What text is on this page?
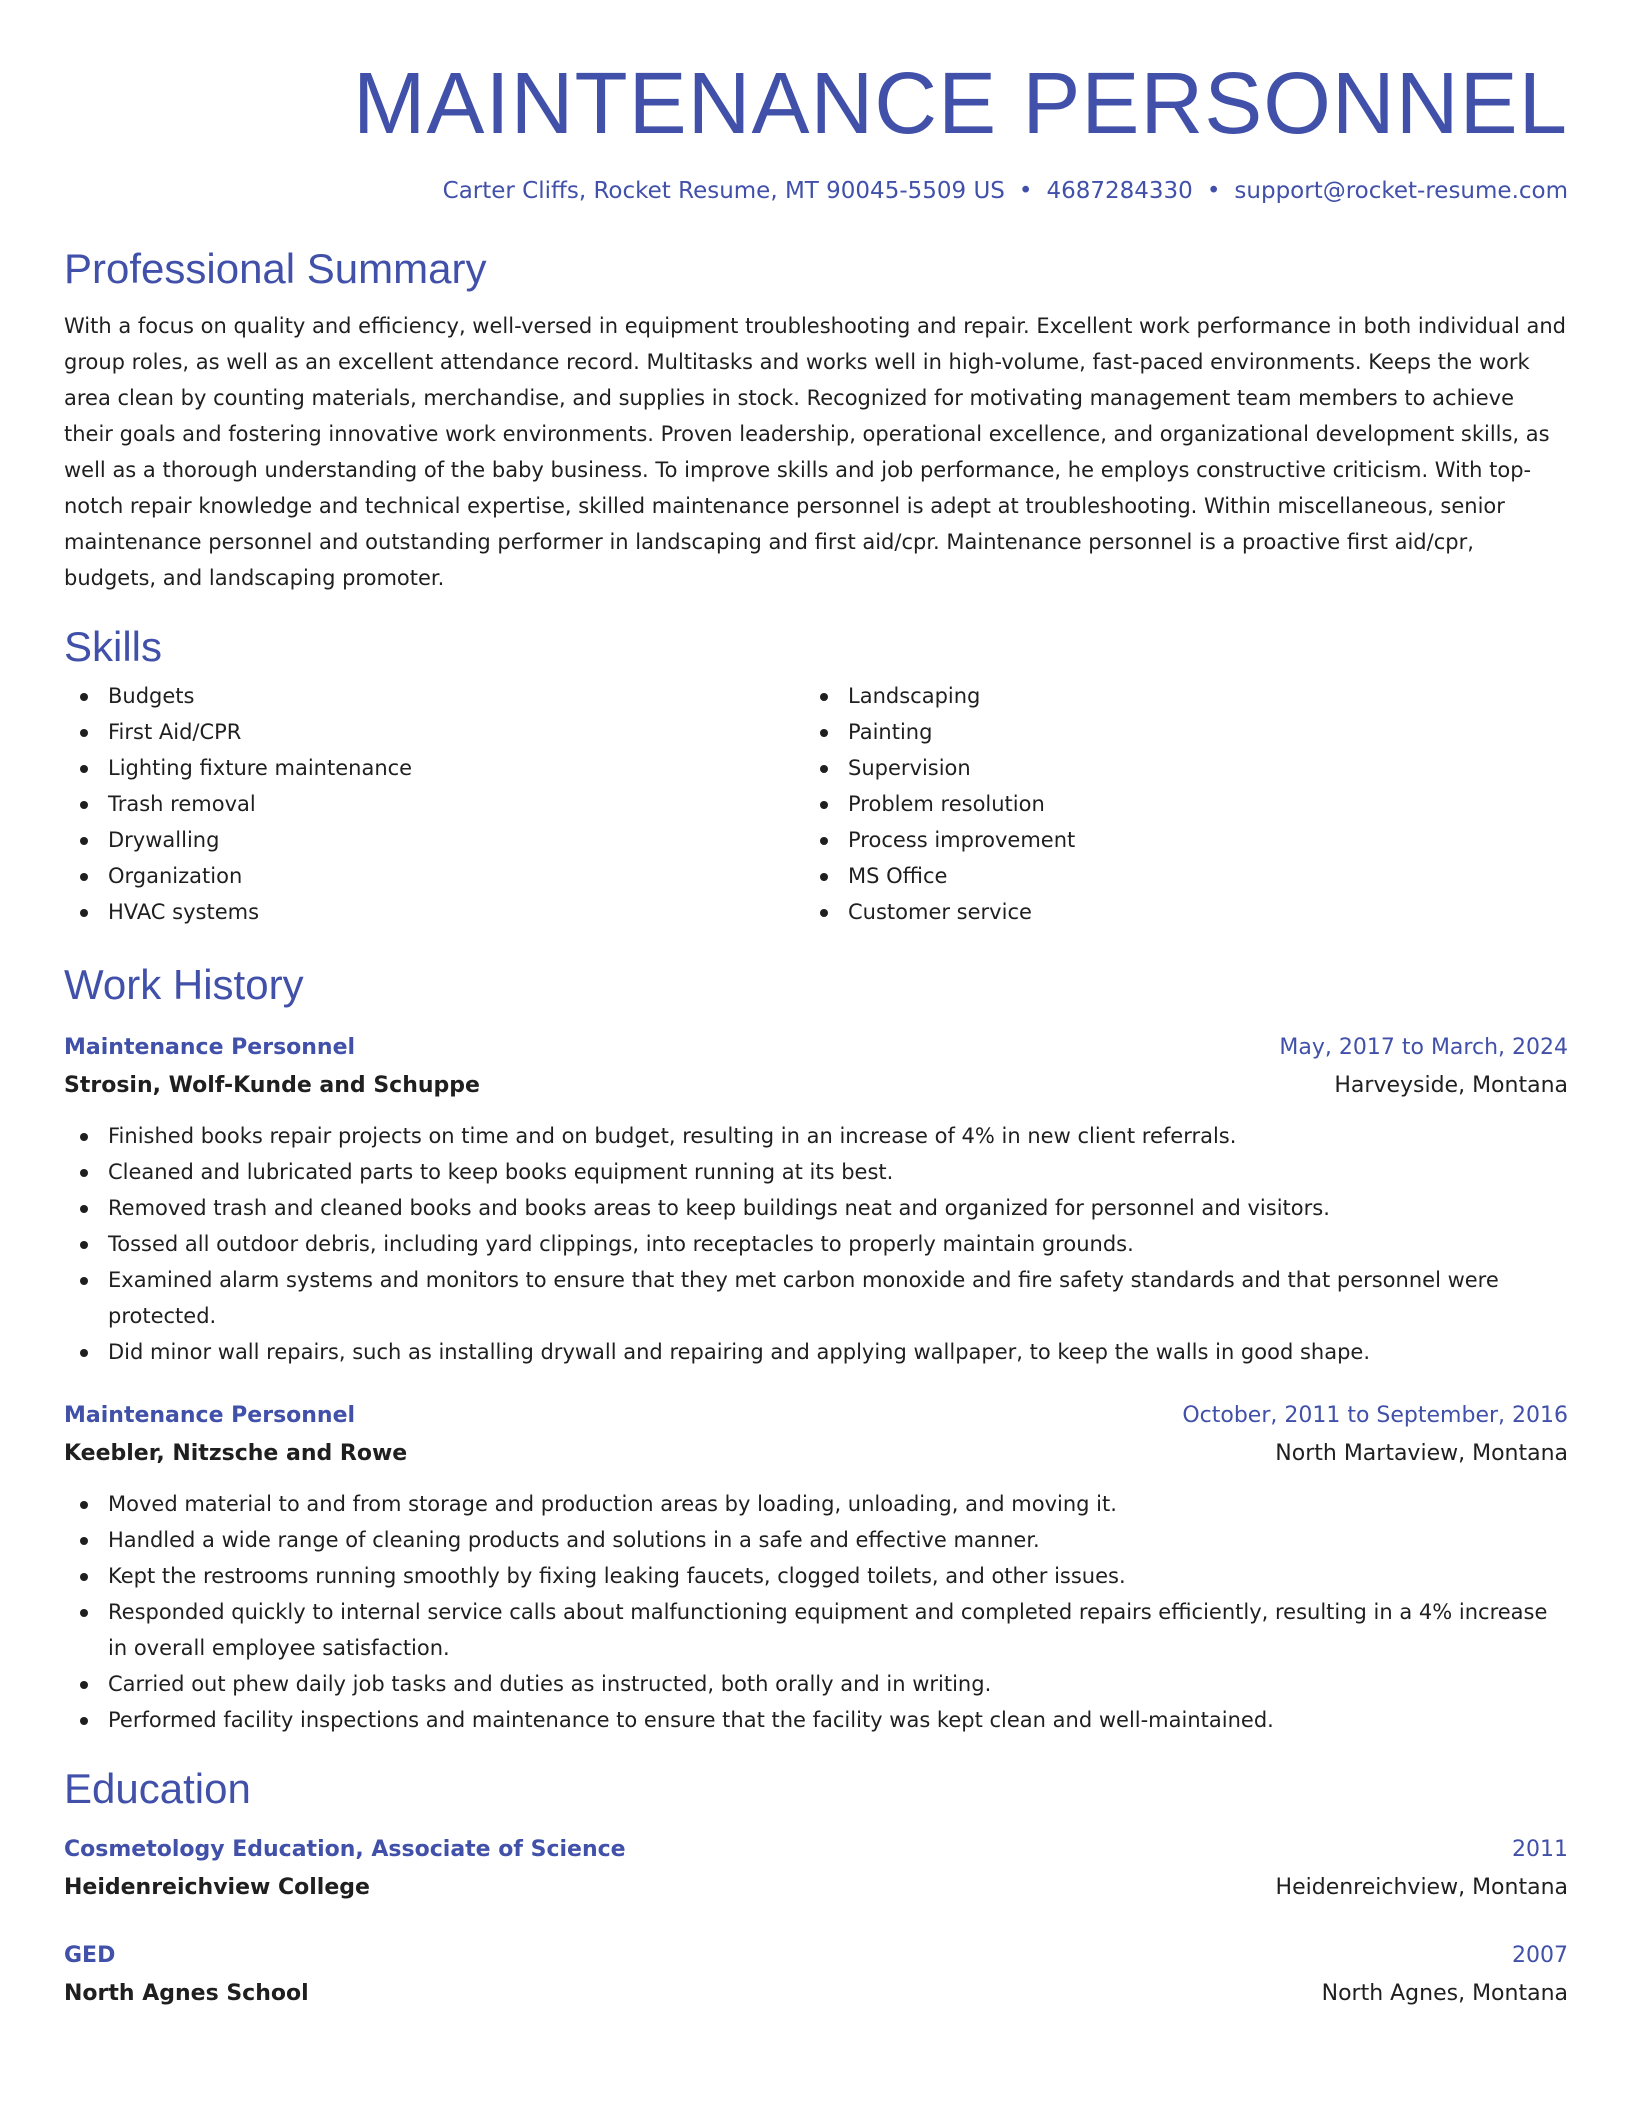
MAINTENANCE PERSONNEL
Carter Cliffs, Rocket Resume, MT 90045-5509 US • 4687284330 • support@rocket-resume.com
Professional Summary

With a focus on quality and efficiency, well-versed in equipment troubleshooting and repair. Excellent work performance in both individual and group roles, as well as an excellent attendance record. Multitasks and works well in high-volume, fast-paced environments. Keeps the work area clean by counting materials, merchandise, and supplies in stock. Recognized for motivating management team members to achieve their goals and fostering innovative work environments. Proven leadership, operational excellence, and organizational development skills, as well as a thorough understanding of the baby business. To improve skills and job performance, he employs constructive criticism. With top-notch repair knowledge and technical expertise, skilled maintenance personnel is adept at troubleshooting. Within miscellaneous, senior maintenance personnel and outstanding performer in landscaping and first aid/cpr. Maintenance personnel is a proactive first aid/cpr, budgets, and landscaping promoter.

Skills
Budgets
First Aid/CPR
Lighting fixture maintenance
Trash removal
Drywalling
Organization
HVAC systems
Landscaping
Painting
Supervision
Problem resolution
Process improvement
MS Office
Customer service
Work History
Maintenance Personnel	May, 2017 to March, 2024
Strosin, Wolf-Kunde and Schuppe	Harveyside, Montana
Finished books repair projects on time and on budget, resulting in an increase of 4% in new client referrals.
Cleaned and lubricated parts to keep books equipment running at its best.
Removed trash and cleaned books and books areas to keep buildings neat and organized for personnel and visitors.
Tossed all outdoor debris, including yard clippings, into receptacles to properly maintain grounds.
Examined alarm systems and monitors to ensure that they met carbon monoxide and fire safety standards and that personnel were protected.
Did minor wall repairs, such as installing drywall and repairing and applying wallpaper, to keep the walls in good shape.
Maintenance Personnel	October, 2011 to September, 2016
Keebler, Nitzsche and Rowe	North Martaview, Montana
Moved material to and from storage and production areas by loading, unloading, and moving it.
Handled a wide range of cleaning products and solutions in a safe and effective manner.
Kept the restrooms running smoothly by fixing leaking faucets, clogged toilets, and other issues.
Responded quickly to internal service calls about malfunctioning equipment and completed repairs efficiently, resulting in a 4% increase in overall employee satisfaction.
Carried out phew daily job tasks and duties as instructed, both orally and in writing.
Performed facility inspections and maintenance to ensure that the facility was kept clean and well-maintained.
Education
Cosmetology Education, Associate of Science	2011
Heidenreichview College	Heidenreichview, Montana
GED	2007
North Agnes School	North Agnes, Montana
